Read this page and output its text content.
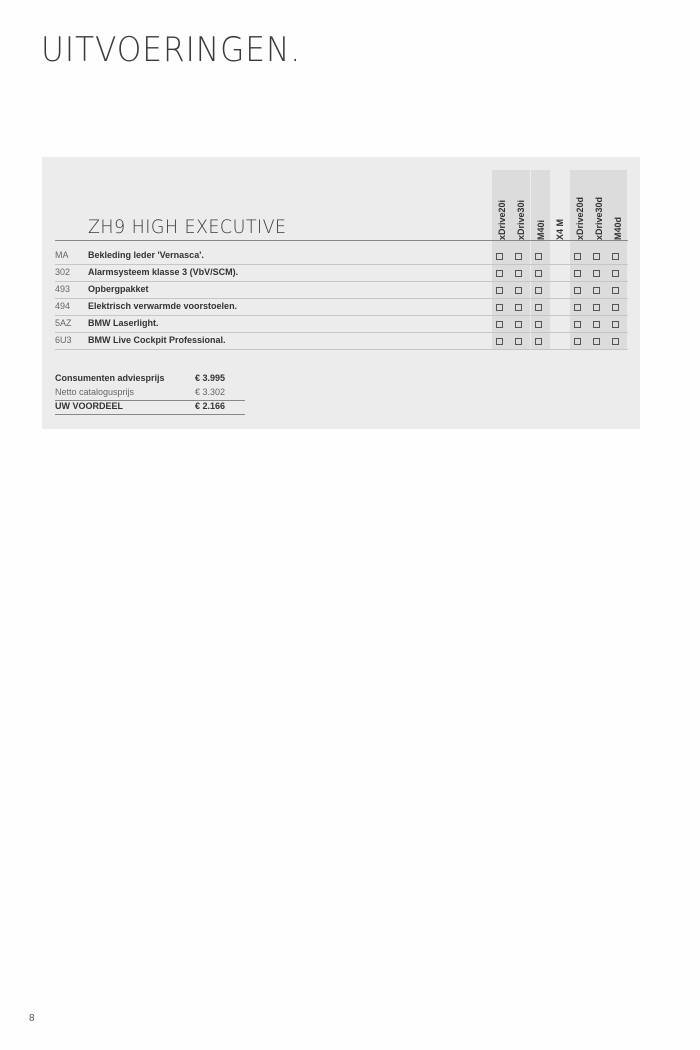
UITVOERINGEN.
xDrive20i xDrive30i M40i X4 M xDrive20d xDrive30d M40d
ZH9 HIGH EXECUTIVE
MA Bekleding leder 'Vernasca'.
302 Alarmsysteem klasse 3 (VbV/SCM).
493 Opbergpakket
494 Elektrisch verwarmde voorstoelen.
5AZ BMW Laserlight.
6U3 BMW Live Cockpit Professional.
Consumenten adviesprijs	€ 3.995
Netto catalogusprijs	€ 3.302
UW VOORDEEL	€ 2.166
8
